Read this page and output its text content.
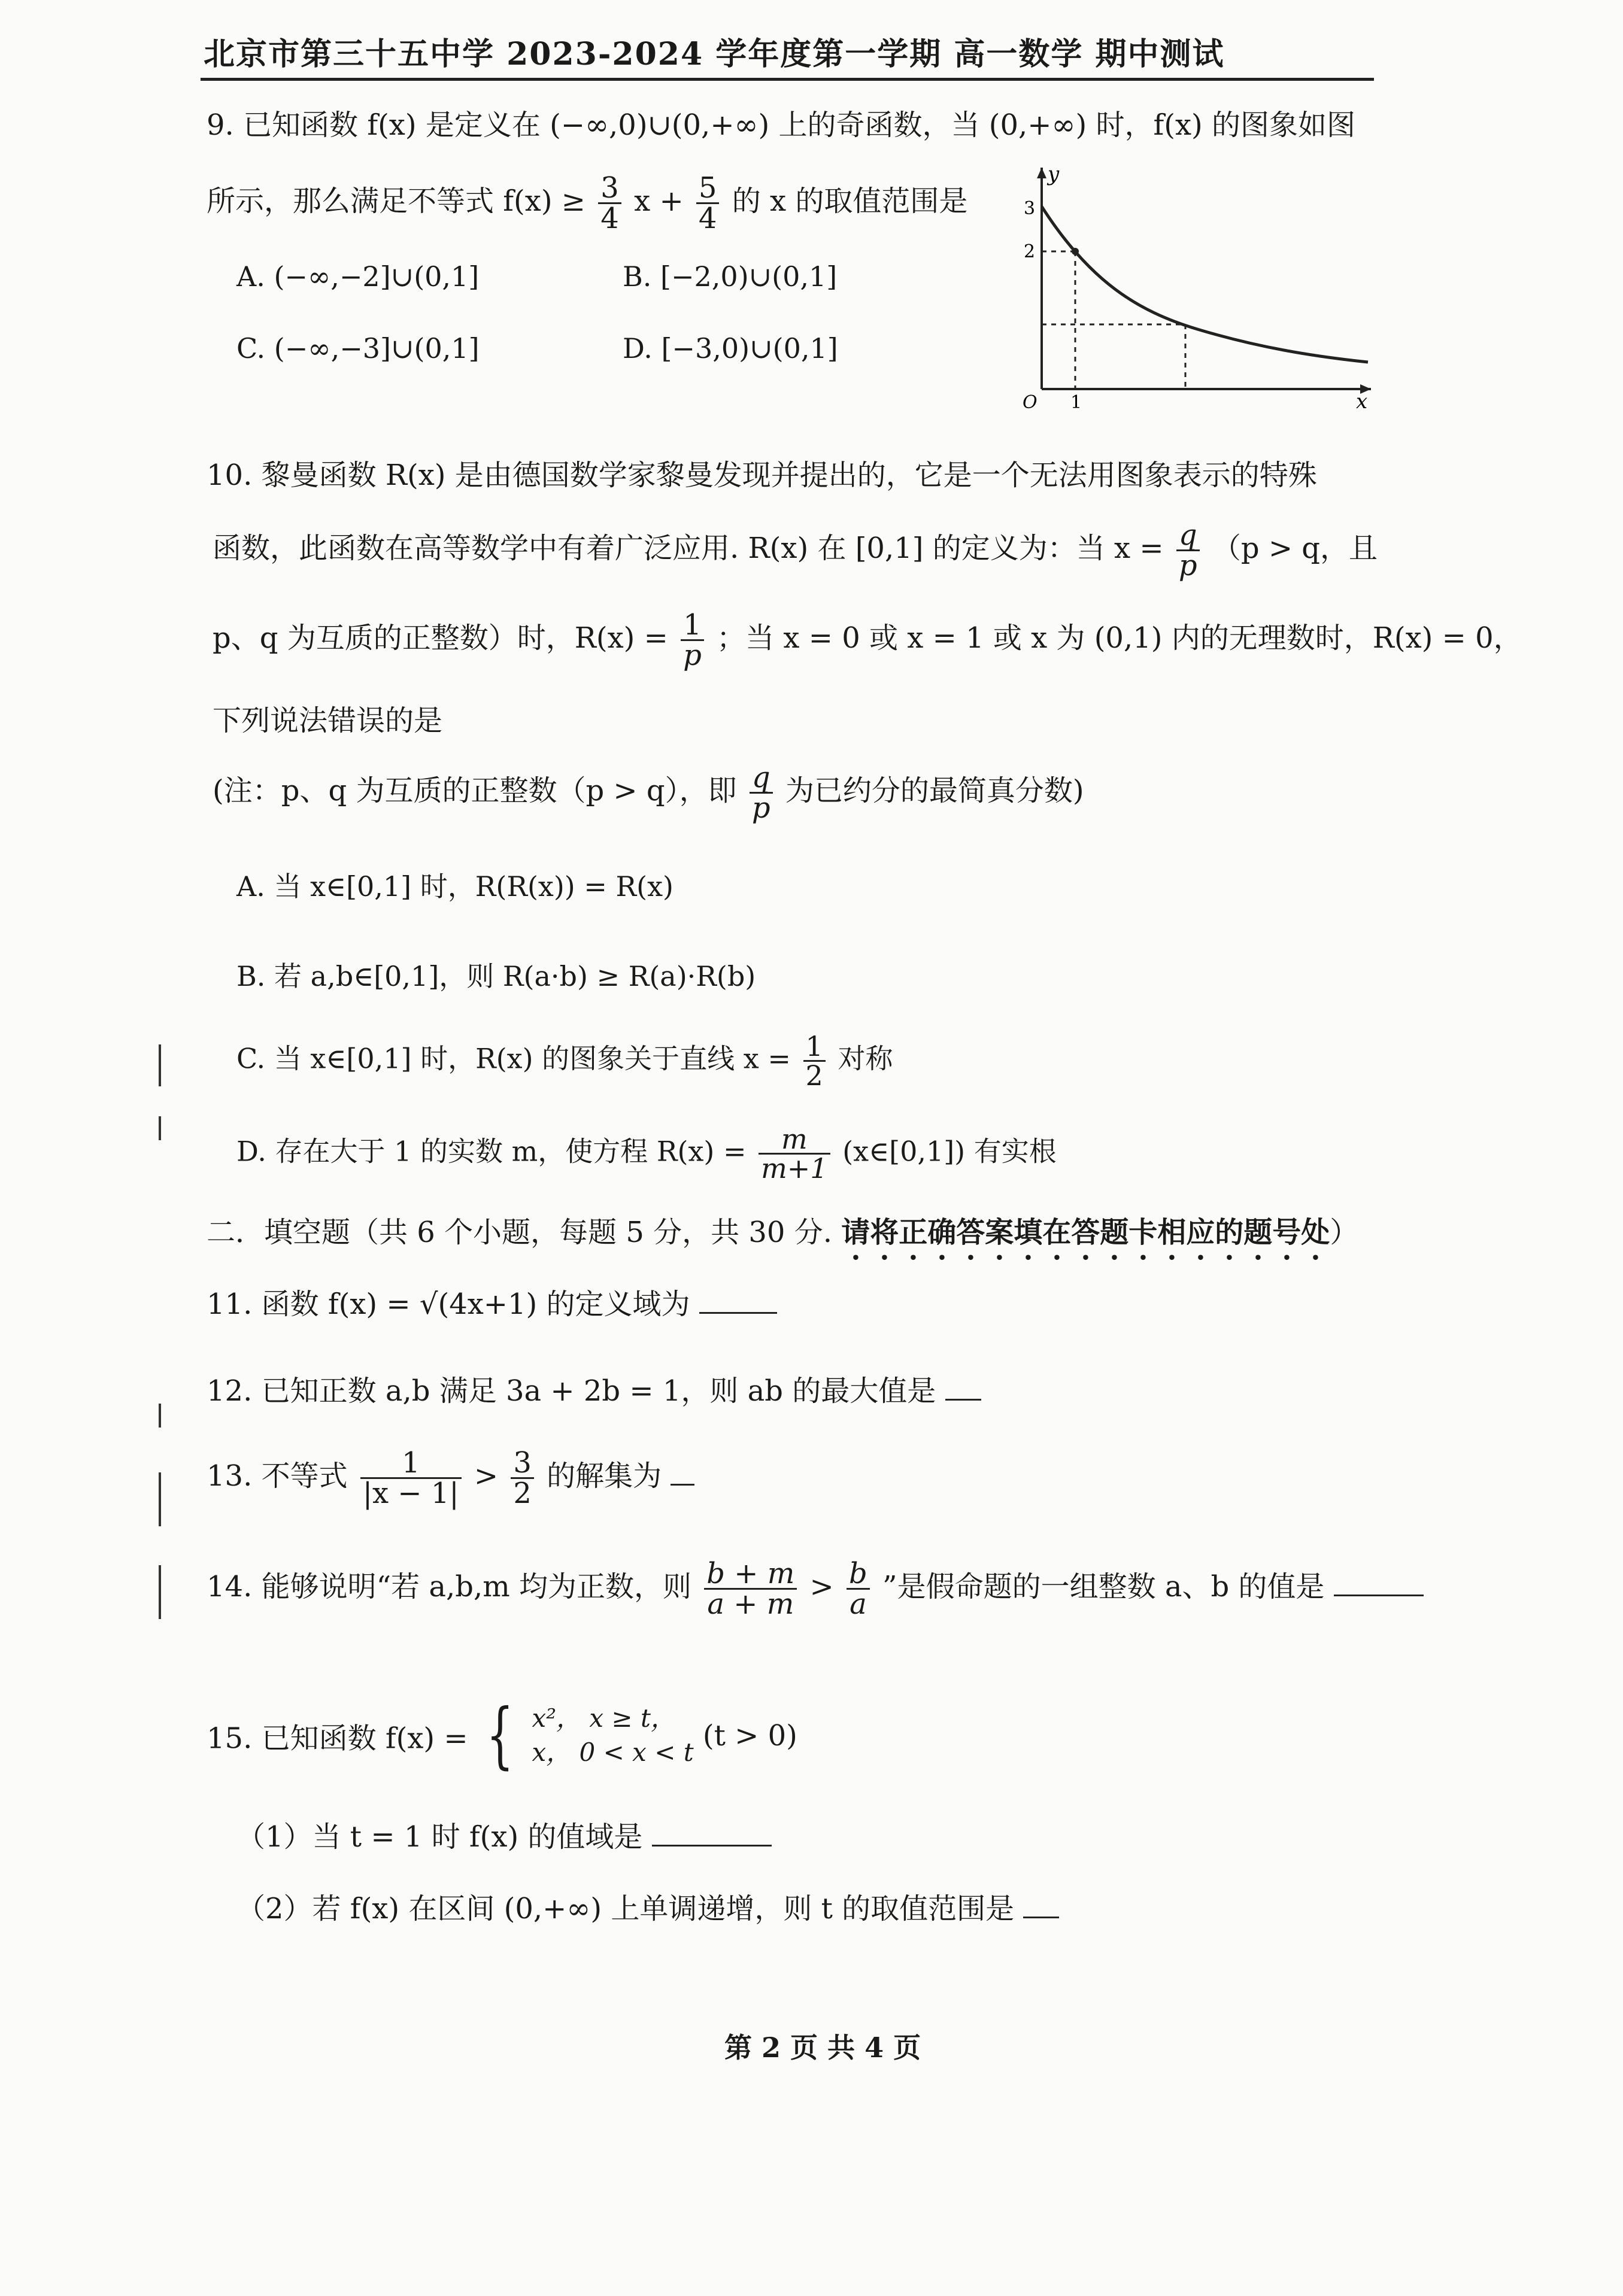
北京市第三十五中学 2023-2024 学年度第一学期 高一数学 期中测试
9. 已知函数 f(x) 是定义在 (−∞,0)∪(0,+∞) 上的奇函数，当 (0,+∞) 时，f(x) 的图象如图
所示，那么满足不等式 $f(x) \ge \frac{3}{4}$ $x + \frac{5}{4}$ 的 x 的取值范围是
A. (−∞,−2]∪(0,1]	B. [−2,0)∪(0,1]
C. (−∞,−3]∪(0,1]	D. [−3,0)∪(0,1]
y
x
3
2
1
O
10. 黎曼函数 R(x) 是由德国数学家黎曼发现并提出的，它是一个无法用图象表示的特殊
函数，此函数在高等数学中有着广泛应用. R(x) 在 [0,1] 的定义为：当 $x = \frac{q}{p} (p > q$，且
p、q 为互质的正整数）时，$R(x) = \frac{1}{p}$ ；当 x = 0 或 x = 1 或 x 为 (0,1) 内的无理数时，R(x) = 0，
下列说法错误的是
(注：p、q 为互质的正整数（p > q），即 $\frac{q}{p}$ 为已约分的最简真分数)
A. 当 x∈[0,1] 时，R(R(x)) = R(x)
B. 若 a,b∈[0,1]，则 R(a·b) ≥ R(a)·R(b)
C. 当 x∈[0,1] 时，R(x) 的图象关于直线 $x = \frac{1}{2}$ 对称
D. 存在大于 1 的实数 m，使方程 $R(x) = \frac{m}{m+1}$ (x∈[0,1]) 有实根
二．填空题（共 6 个小题，每题 5 分，共 30 分. 请将正确答案填在答题卡相应的题号处）
11. 函数 f(x) = √(4x+1) 的定义域为
12. 已知正数 a,b 满足 3a + 2b = 1，则 ab 的最大值是
13. 不等式 $\frac{1}{|x - 1|} > \frac{3}{2}$ 的解集为
14. 能够说明“若 a,b,m 均为正数，则 $\frac{b + m}{a + m} > \frac{b}{a}$ ”是假命题的一组整数 a、b 的值是
15. 已知函数 f(x) = { x²， x ≥ t，
x， 0 < x < t (t > 0)
（1）当 t = 1 时 f(x) 的值域是
（2）若 f(x) 在区间 (0,+∞) 上单调递增，则 t 的取值范围是
第 2 页 共 4 页
